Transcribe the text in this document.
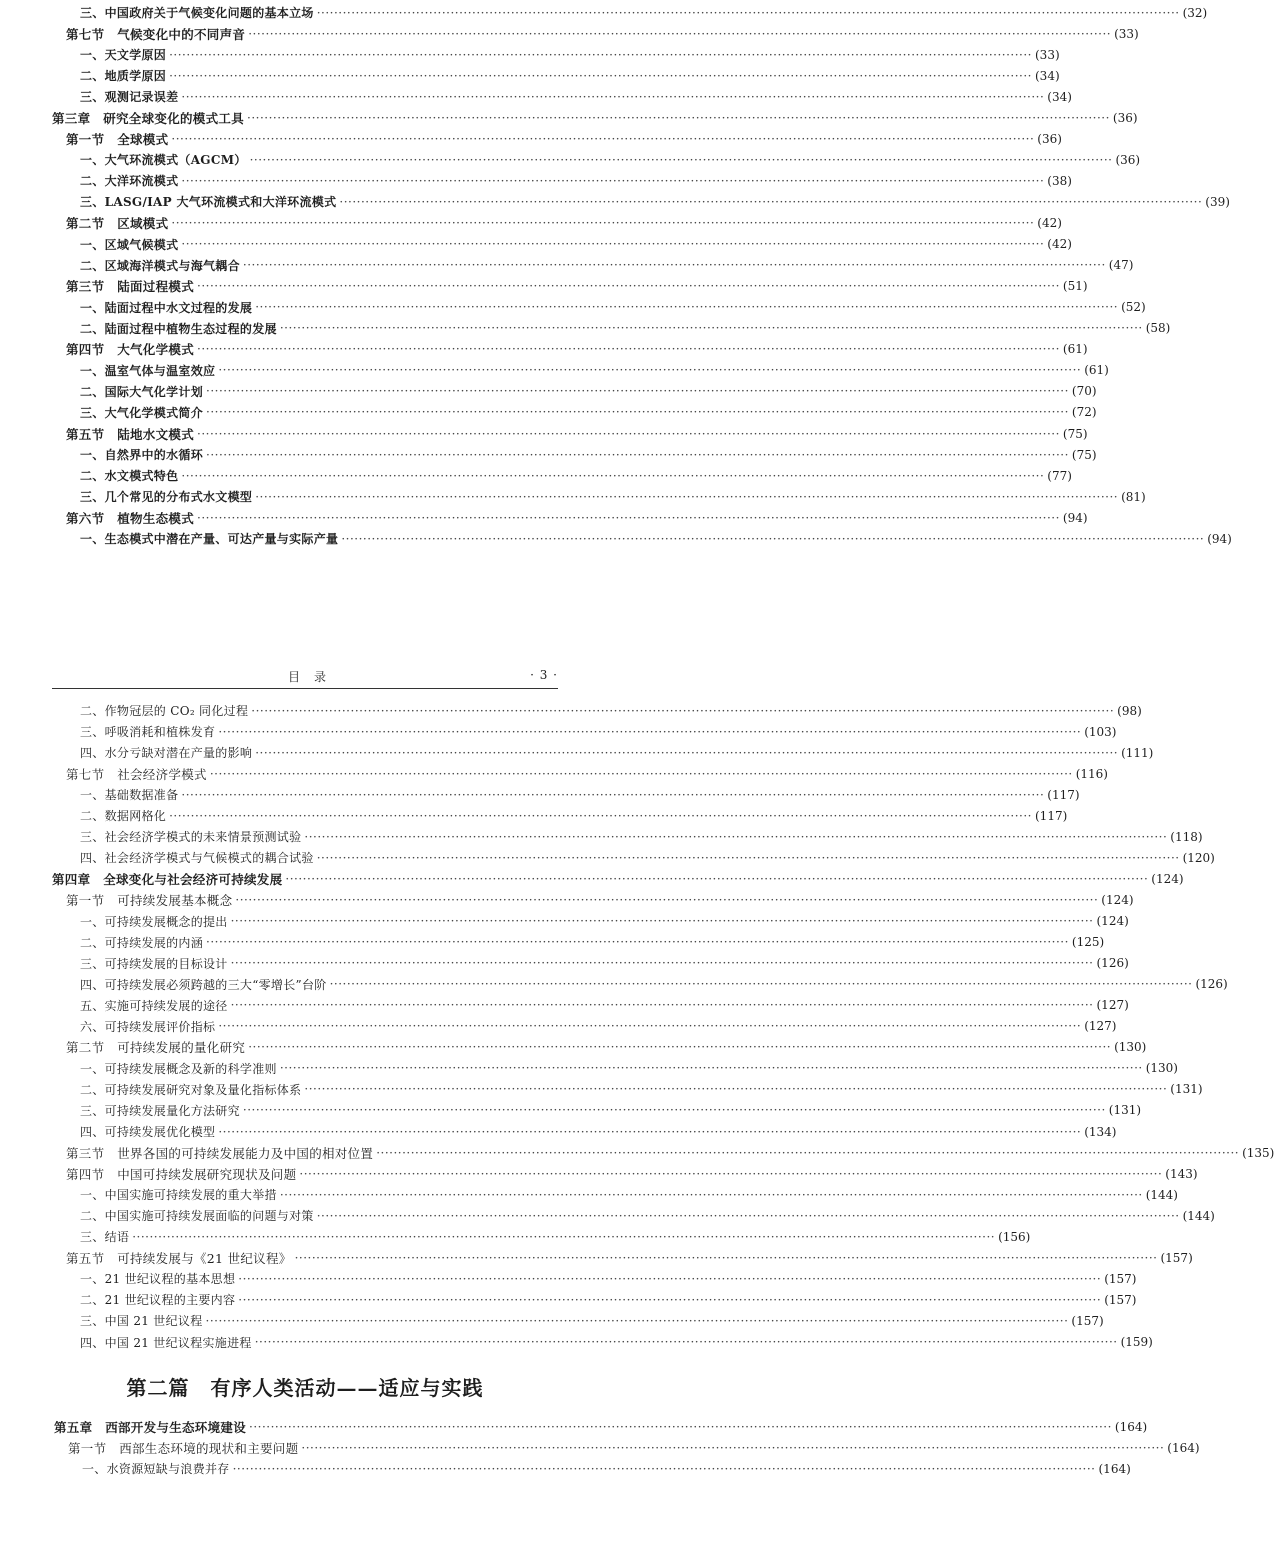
三、中国政府关于气候变化问题的基本立场 ········································································································································································································ (32)
第七节　气候变化中的不同声音 ········································································································································································································ (33)
一、天文学原因 ········································································································································································································ (33)
二、地质学原因 ········································································································································································································ (34)
三、观测记录误差 ········································································································································································································ (34)
第三章　研究全球变化的模式工具 ········································································································································································································ (36)
第一节　全球模式 ········································································································································································································ (36)
一、大气环流模式（AGCM） ········································································································································································································ (36)
二、大洋环流模式 ········································································································································································································ (38)
三、LASG/IAP 大气环流模式和大洋环流模式 ········································································································································································································ (39)
第二节　区域模式 ········································································································································································································ (42)
一、区域气候模式 ········································································································································································································ (42)
二、区域海洋模式与海气耦合 ········································································································································································································ (47)
第三节　陆面过程模式 ········································································································································································································ (51)
一、陆面过程中水文过程的发展 ········································································································································································································ (52)
二、陆面过程中植物生态过程的发展 ········································································································································································································ (58)
第四节　大气化学模式 ········································································································································································································ (61)
一、温室气体与温室效应 ········································································································································································································ (61)
二、国际大气化学计划 ········································································································································································································ (70)
三、大气化学模式简介 ········································································································································································································ (72)
第五节　陆地水文模式 ········································································································································································································ (75)
一、自然界中的水循环 ········································································································································································································ (75)
二、水文模式特色 ········································································································································································································ (77)
三、几个常见的分布式水文模型 ········································································································································································································ (81)
第六节　植物生态模式 ········································································································································································································ (94)
一、生态模式中潜在产量、可达产量与实际产量 ········································································································································································································ (94)
目录	· 3 ·
二、作物冠层的 CO₂ 同化过程 ········································································································································································································ (98)
三、呼吸消耗和植株发育 ········································································································································································································ (103)
四、水分亏缺对潜在产量的影响 ········································································································································································································ (111)
第七节　社会经济学模式 ········································································································································································································ (116)
一、基础数据准备 ········································································································································································································ (117)
二、数据网格化 ········································································································································································································ (117)
三、社会经济学模式的未来情景预测试验 ········································································································································································································ (118)
四、社会经济学模式与气候模式的耦合试验 ········································································································································································································ (120)
第四章　全球变化与社会经济可持续发展 ········································································································································································································ (124)
第一节　可持续发展基本概念 ········································································································································································································ (124)
一、可持续发展概念的提出 ········································································································································································································ (124)
二、可持续发展的内涵 ········································································································································································································ (125)
三、可持续发展的目标设计 ········································································································································································································ (126)
四、可持续发展必须跨越的三大“零增长”台阶 ········································································································································································································ (126)
五、实施可持续发展的途径 ········································································································································································································ (127)
六、可持续发展评价指标 ········································································································································································································ (127)
第二节　可持续发展的量化研究 ········································································································································································································ (130)
一、可持续发展概念及新的科学准则 ········································································································································································································ (130)
二、可持续发展研究对象及量化指标体系 ········································································································································································································ (131)
三、可持续发展量化方法研究 ········································································································································································································ (131)
四、可持续发展优化模型 ········································································································································································································ (134)
第三节　世界各国的可持续发展能力及中国的相对位置 ········································································································································································································ (135)
第四节　中国可持续发展研究现状及问题 ········································································································································································································ (143)
一、中国实施可持续发展的重大举措 ········································································································································································································ (144)
二、中国实施可持续发展面临的问题与对策 ········································································································································································································ (144)
三、结语 ········································································································································································································ (156)
第五节　可持续发展与《21 世纪议程》 ········································································································································································································ (157)
一、21 世纪议程的基本思想 ········································································································································································································ (157)
二、21 世纪议程的主要内容 ········································································································································································································ (157)
三、中国 21 世纪议程 ········································································································································································································ (157)
四、中国 21 世纪议程实施进程 ········································································································································································································ (159)
第二篇　有序人类活动——适应与实践
第五章　西部开发与生态环境建设 ········································································································································································································ (164)
第一节　西部生态环境的现状和主要问题 ········································································································································································································ (164)
一、水资源短缺与浪费并存 ········································································································································································································ (164)
